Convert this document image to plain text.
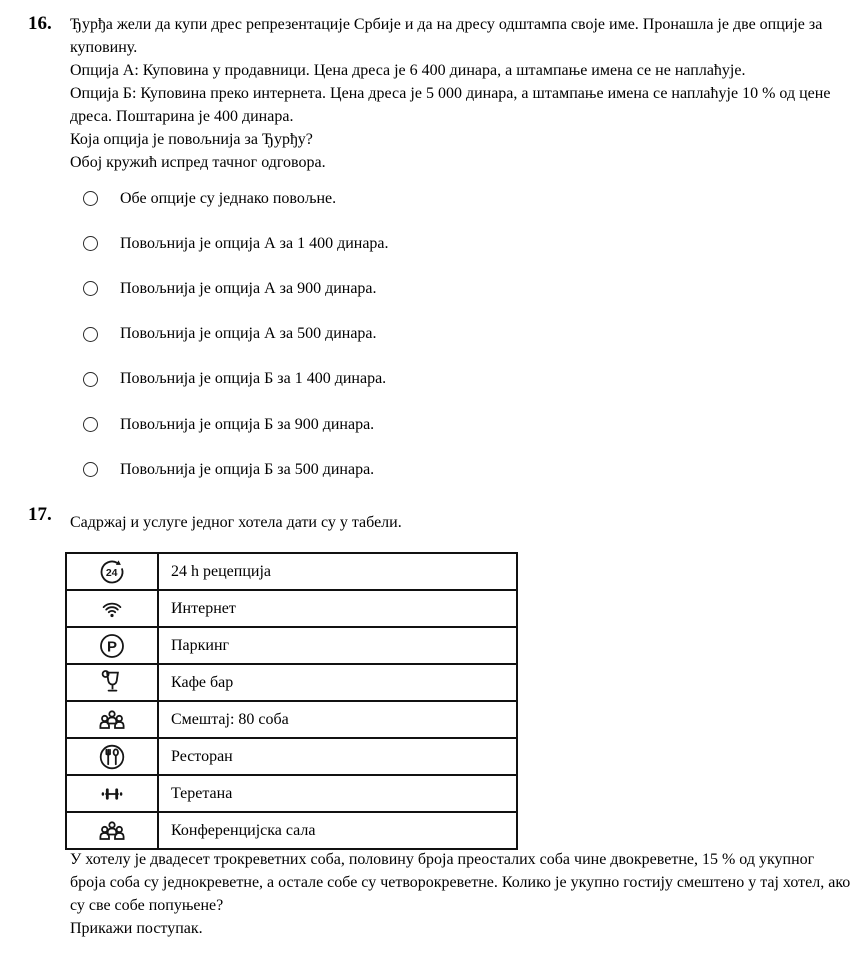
16. Ђурђа жели да купи дрес репрезентације Србије и да на дресу одштампа своје име. Пронашла је две опције за куповину.

Опција А: Куповина у продавници. Цена дреса је 6 400 динара, а штампање имена се не наплаћује.

Опција Б: Куповина преко интернета. Цена дреса је 5 000 динара, а штампање имена се наплаћује 10 % од цене дреса. Поштарина је 400 динара.

Која опција је повољнија за Ђурђу?

Обој кружић испред тачног одговора.

Обе опције су једнако повољне.
Повољнија је опција А за 1 400 динара.
Повољнија је опција А за 900 динара.
Повољнија је опција А за 500 динара.
Повољнија је опција Б за 1 400 динара.
Повољнија је опција Б за 900 динара.
Повољнија је опција Б за 500 динара.
17. Садржај и услуге једног хотела дати су у табели.

24	24 h рецепција

	Интернет

P	Паркинг

	Кафе бар

	Смештај: 80 соба

	Ресторан

	Теретана

	Конференцијска сала

У хотелу је двадесет трокреветних соба, половину броја преосталих соба чине двокреветне, 15 % од укупног броја соба су једнокреветне, а остале собе су четворокреветне. Колико је укупно гостију смештено у тај хотел, ако су све собе попуњене?

Прикажи поступак.
